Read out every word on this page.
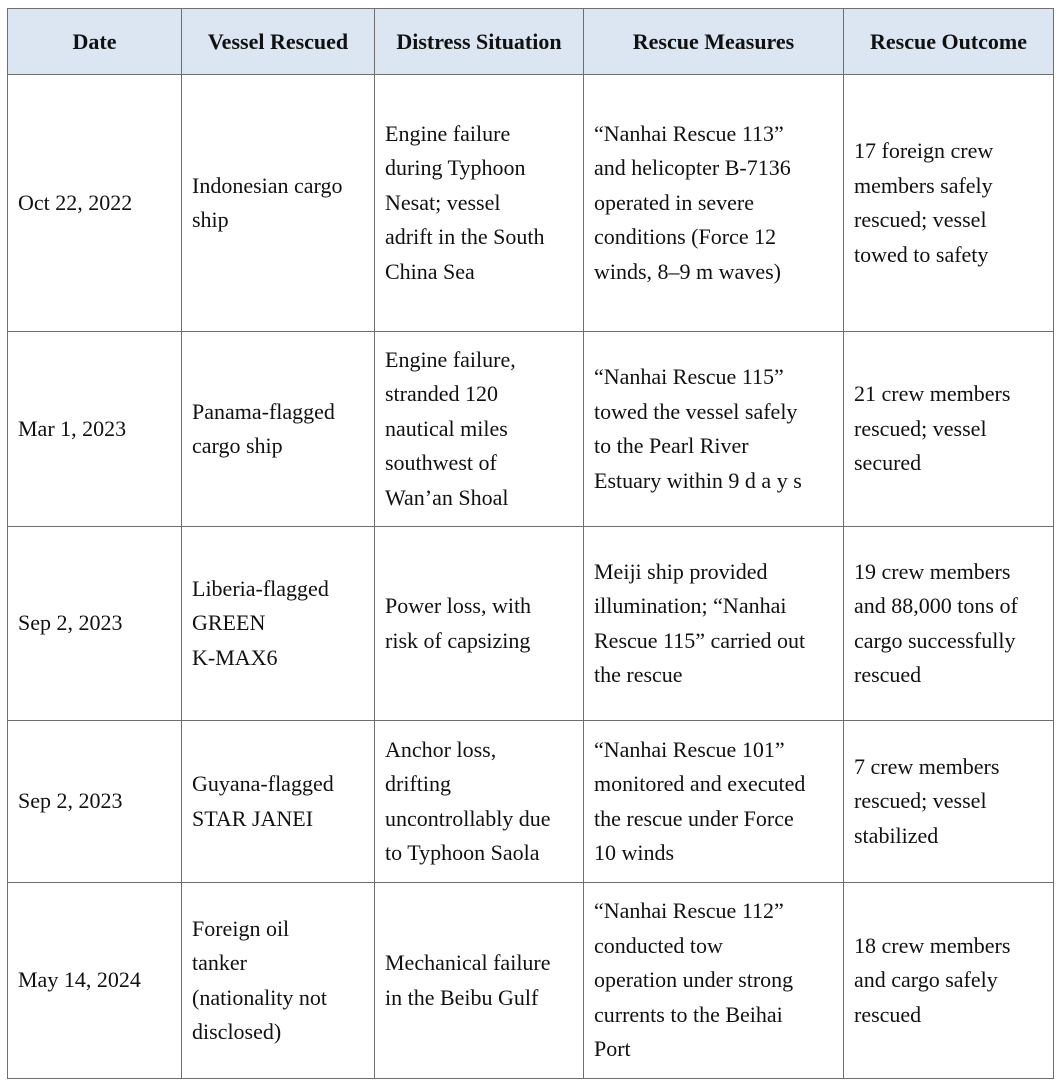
Date	Vessel Rescued	Distress Situation	Rescue Measures	Rescue Outcome
Oct 22, 2022	Indonesian cargo
ship	Engine failure
during Typhoon
Nesat; vessel
adrift in the South
China Sea	“Nanhai Rescue 113”
and helicopter B-7136
operated in severe
conditions (Force 12
winds, 8–9 m waves)	17 foreign crew
members safely
rescued; vessel
towed to safety
Mar 1, 2023	Panama-flagged
cargo ship	Engine failure,
stranded 120
nautical miles
southwest of
Wan’an Shoal	“Nanhai Rescue 115”
towed the vessel safely
to the Pearl River
Estuary within 9 d a y s	21 crew members
rescued; vessel
secured
Sep 2, 2023	Liberia-flagged
GREEN
K-MAX6	Power loss, with
risk of capsizing	Meiji ship provided
illumination; “Nanhai
Rescue 115” carried out
the rescue	19 crew members
and 88,000 tons of
cargo successfully
rescued
Sep 2, 2023	Guyana-flagged
STAR JANEI	Anchor loss,
drifting
uncontrollably due
to Typhoon Saola	“Nanhai Rescue 101”
monitored and executed
the rescue under Force
10 winds	7 crew members
rescued; vessel
stabilized
May 14, 2024	Foreign oil
tanker
(nationality not
disclosed)	Mechanical failure
in the Beibu Gulf	“Nanhai Rescue 112”
conducted tow
operation under strong
currents to the Beihai
Port	18 crew members
and cargo safely
rescued
